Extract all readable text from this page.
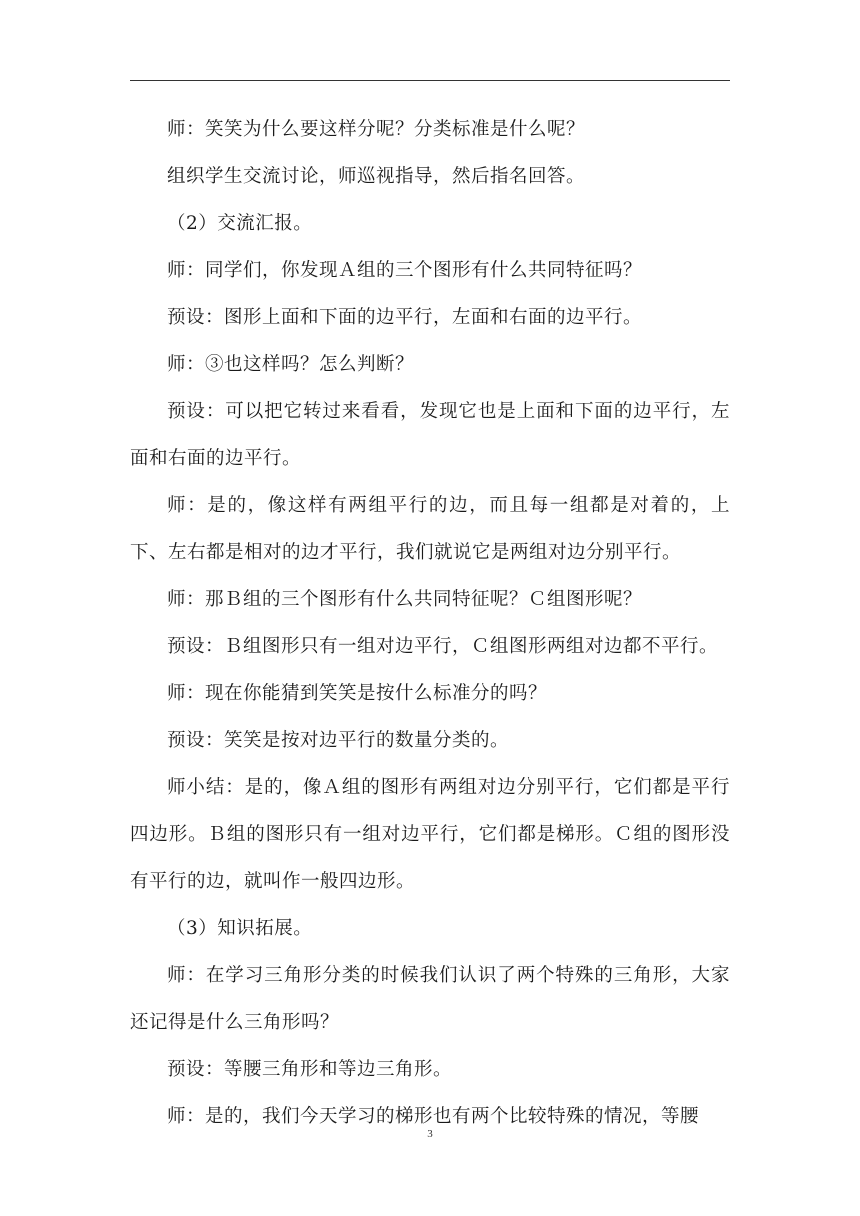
师：笑笑为什么要这样分呢？分类标准是什么呢？

组织学生交流讨论，师巡视指导，然后指名回答。

（2）交流汇报。

师：同学们，你发现Ａ组的三个图形有什么共同特征吗？

预设：图形上面和下面的边平行，左面和右面的边平行。

师：③也这样吗？怎么判断？

预设：可以把它转过来看看，发现它也是上面和下面的边平行，左面和右面的边平行。

师：是的，像这样有两组平行的边，而且每一组都是对着的，上下、左右都是相对的边才平行，我们就说它是两组对边分别平行。

师：那Ｂ组的三个图形有什么共同特征呢？Ｃ组图形呢？

预设：Ｂ组图形只有一组对边平行，Ｃ组图形两组对边都不平行。

师：现在你能猜到笑笑是按什么标准分的吗？

预设：笑笑是按对边平行的数量分类的。

师小结：是的，像Ａ组的图形有两组对边分别平行，它们都是平行四边形。Ｂ组的图形只有一组对边平行，它们都是梯形。Ｃ组的图形没有平行的边，就叫作一般四边形。

（3）知识拓展。

师：在学习三角形分类的时候我们认识了两个特殊的三角形，大家还记得是什么三角形吗？

预设：等腰三角形和等边三角形。

师：是的，我们今天学习的梯形也有两个比较特殊的情况，等腰

3
